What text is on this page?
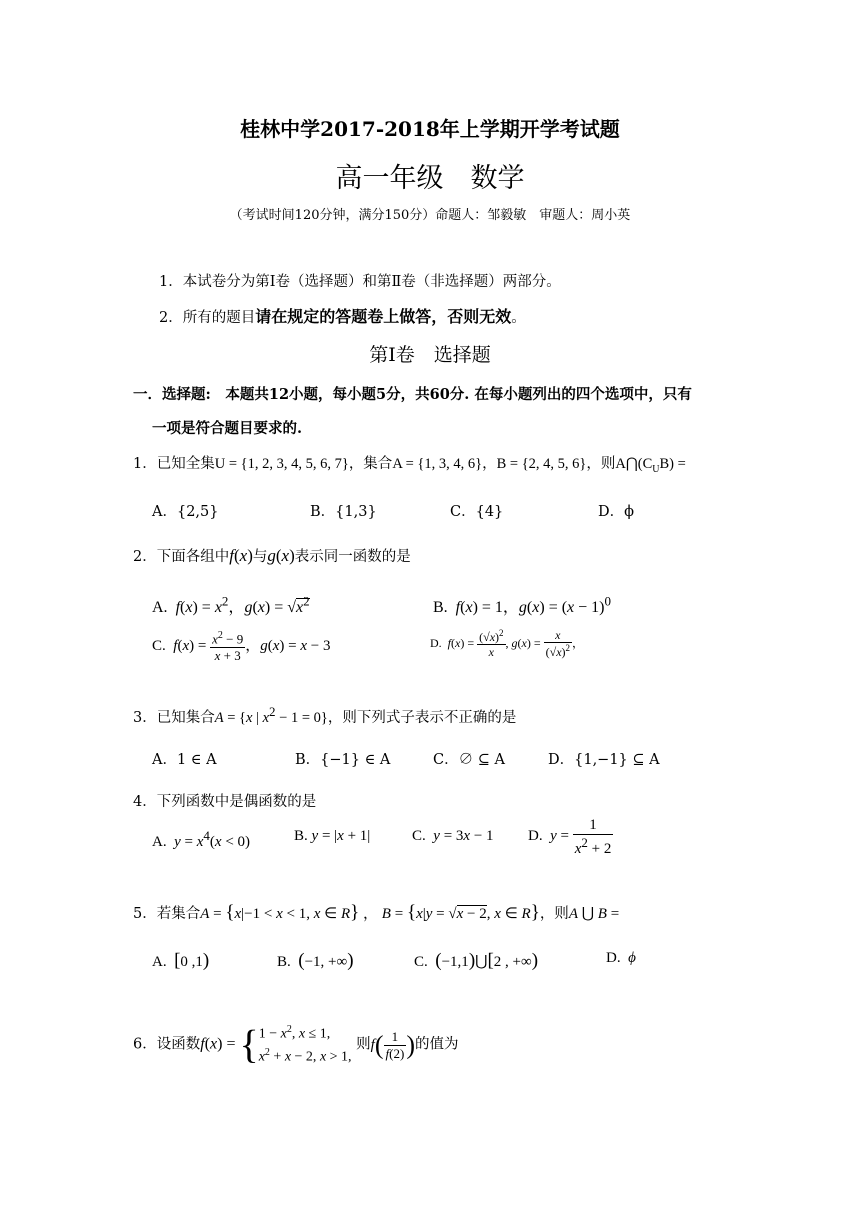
桂林中学2017-2018年上学期开学考试题
高一年级　数学
（考试时间120分钟，满分150分）命题人：邹毅敏　审题人：周小英
1．本试卷分为第Ⅰ卷（选择题）和第Ⅱ卷（非选择题）两部分。
2．所有的题目请在规定的答题卷上做答，否则无效。
第Ⅰ卷　选择题
一．选择题:　本题共12小题，每小题5分，共60分. 在每小题列出的四个选项中，只有
一项是符合题目要求的.
1．已知全集U = {1, 2, 3, 4, 5, 6, 7}，集合A = {1, 3, 4, 6}，B = {2, 4, 5, 6}，则$A⋂(C_UB)$ =
A．{2,5}	B．{1,3}	C．{4}	D．ϕ
2．下面各组中f(x)与g(x)表示同一函数的是
A.  $f(x) = x^2$，$g(x) = √x^2$	B.  f(x) = 1，$g(x) = (x - 1)^0$
C.  $f(x) = \frac{x^2 - 9}{x + 3}$ ，g(x) = x − 3	D.  $f(x) = \frac{(√x)^2}{x}$ , $g(x) = \frac{x}{(√x)^2}$ ，
3．已知集合A = {x | $x^2 - 1 = 0$}，则下列式子表示不正确的是
A．1 ∈ A	B．{−1} ∈ A	C．∅ ⊆ A	D．{1,−1} ⊆ A
4．下列函数中是偶函数的是
A.  $y = x^4(x < 0)$	B. y = |x + 1|	C.  y = 3x − 1 D.  $y = \frac{1}{x^2 + 2}$
5．若集合A = {x|−1 < x < 1, x ∈ R} ， B = {x|y = √x − 2, x ∈ R}，则A ⋃ B =
A.  [0 ,1)	B.  (−1, +∞)	C.  (−1,1)⋃[2 , +∞)	D.  ϕ
6．设函数f(x) = { $1 - x^2$, x ≤ 1,
$x^2 + x - 2$, x > 1,
则$f( \frac{1}{f(2)}$ )的值为
